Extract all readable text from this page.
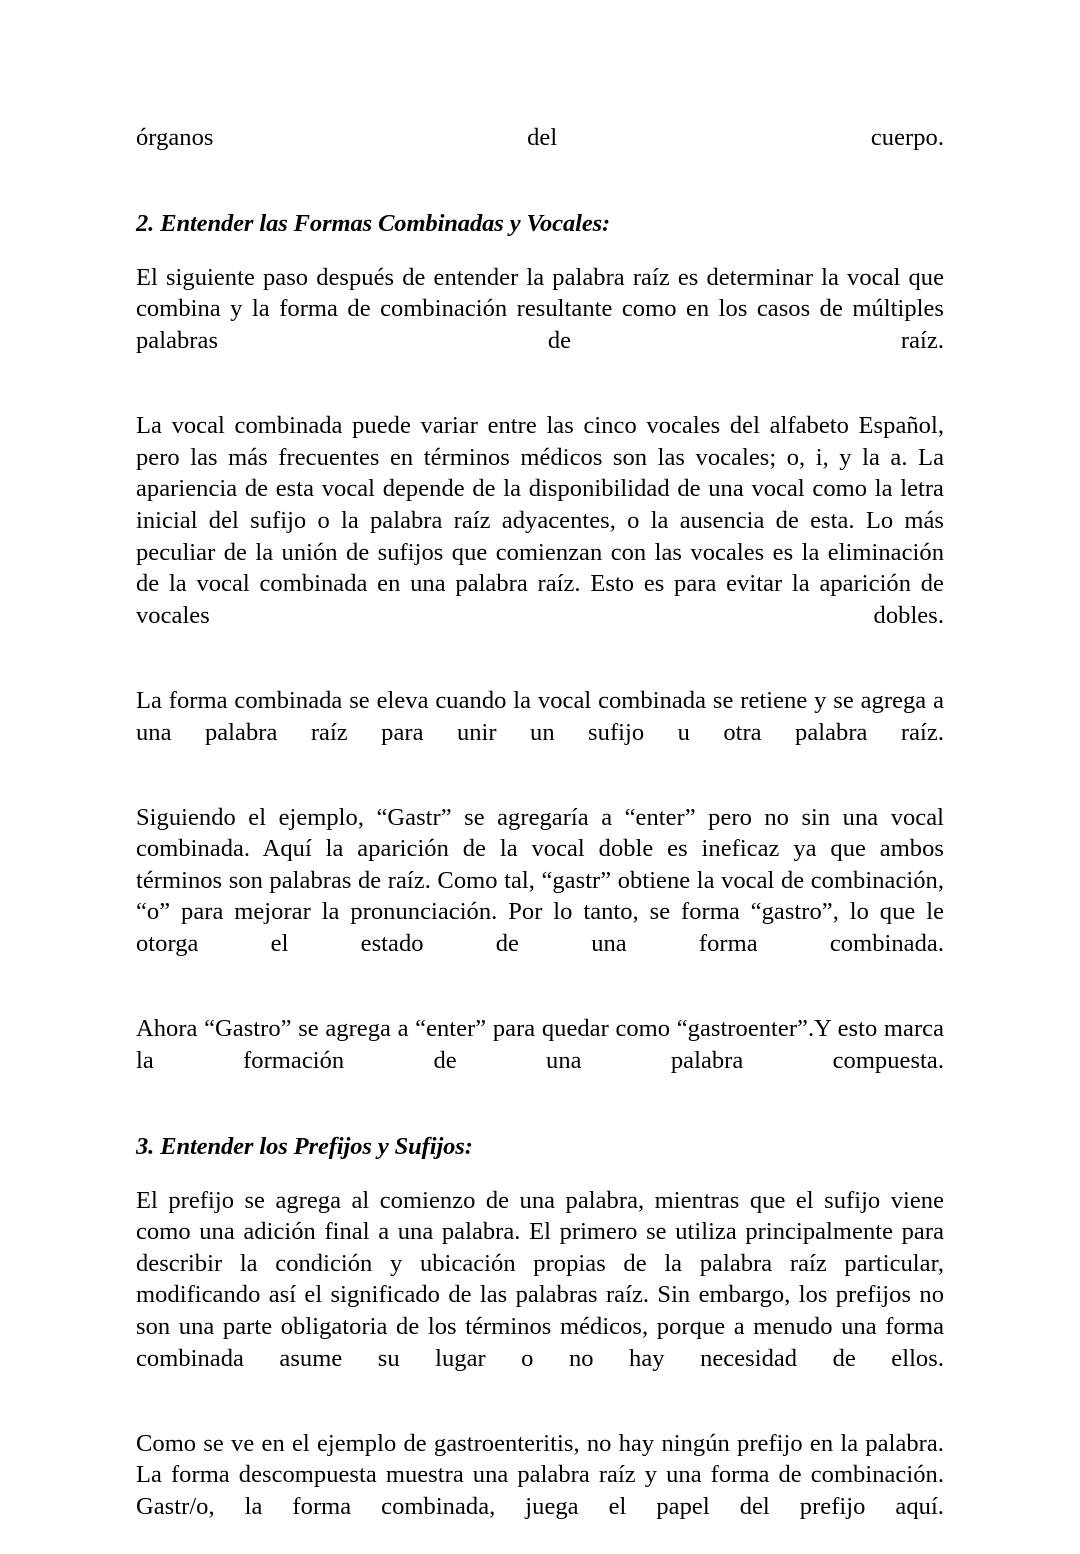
órganos del cuerpo.

2. Entender las Formas Combinadas y Vocales:

El siguiente paso después de entender la palabra raíz es determinar la vocal que combina y la forma de combinación resultante como en los casos de múltiples palabras de raíz.

La vocal combinada puede variar entre las cinco vocales del alfabeto Español, pero las más frecuentes en términos médicos son las vocales; o, i, y la a. La apariencia de esta vocal depende de la disponibilidad de una vocal como la letra inicial del sufijo o la palabra raíz adyacentes, o la ausencia de esta. Lo más peculiar de la unión de sufijos que comienzan con las vocales es la eliminación de la vocal combinada en una palabra raíz. Esto es para evitar la aparición de vocales dobles.

La forma combinada se eleva cuando la vocal combinada se retiene y se agrega a una palabra raíz para unir un sufijo u otra palabra raíz.

Siguiendo el ejemplo, “Gastr” se agregaría a “enter” pero no sin una vocal combinada. Aquí la aparición de la vocal doble es ineficaz ya que ambos términos son palabras de raíz. Como tal, “gastr” obtiene la vocal de combinación, “o” para mejorar la pronunciación. Por lo tanto, se forma “gastro”, lo que le otorga el estado de una forma combinada.

Ahora “Gastro” se agrega a “enter” para quedar como “gastroenter”.Y esto marca la formación de una palabra compuesta.

3. Entender los Prefijos y Sufijos:

El prefijo se agrega al comienzo de una palabra, mientras que el sufijo viene como una adición final a una palabra. El primero se utiliza principalmente para describir la condición y ubicación propias de la palabra raíz particular, modificando así el significado de las palabras raíz. Sin embargo, los prefijos no son una parte obligatoria de los términos médicos, porque a menudo una forma combinada asume su lugar o no hay necesidad de ellos.

Como se ve en el ejemplo de gastroenteritis, no hay ningún prefijo en la palabra. La forma descompuesta muestra una palabra raíz y una forma de combinación. Gastr/o, la forma combinada, juega el papel del prefijo aquí.
